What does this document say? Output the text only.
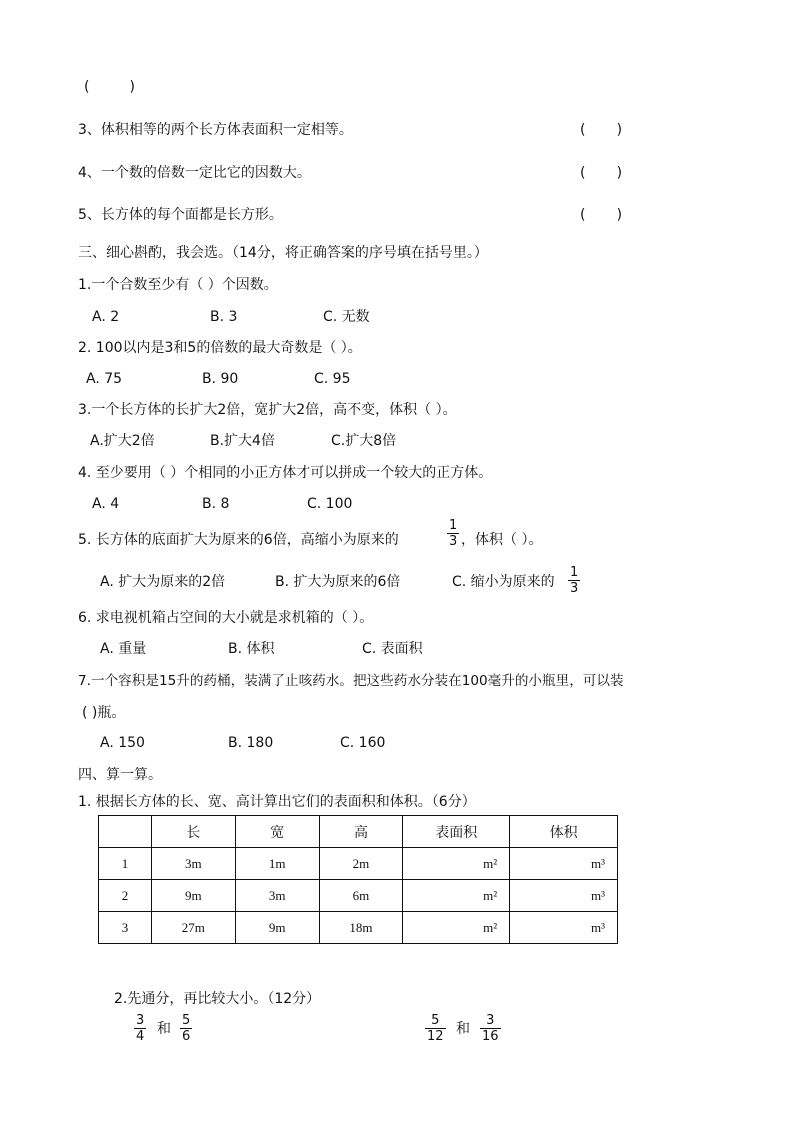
(         )
3、体积相等的两个长方体表面积一定相等。	(       )
4、一个数的倍数一定比它的因数大。	(       )
5、长方体的每个面都是长方形。	(       )
三、细心斟酌，我会选。（14分，将正确答案的序号填在括号里。）
1.一个合数至少有（ ）个因数。
A. 2	B. 3	C. 无数
2. 100以内是3和5的倍数的最大奇数是（ ）。
A. 75	B. 90	C. 95
3.一个长方体的长扩大2倍，宽扩大2倍，高不变，体积（ ）。
A.扩大2倍	B.扩大4倍	C.扩大8倍
4. 至少要用（ ）个相同的小正方体才可以拼成一个较大的正方体。
A. 4	B. 8	C. 100
5. 长方体的底面扩大为原来的6倍，高缩小为原来的	$\frac{1}{3}$ ，体积（ ）。
A. 扩大为原来的2倍	B. 扩大为原来的6倍	C. 缩小为原来的 $\frac{1}{3}$
6. 求电视机箱占空间的大小就是求机箱的（ ）。
A. 重量	B. 体积	C. 表面积
7.一个容积是15升的药桶，装满了止咳药水。把这些药水分装在100毫升的小瓶里，可以装
( )瓶。
A. 150	B. 180	C. 160
四、算一算。
1. 根据长方体的长、宽、高计算出它们的表面积和体积。（6分）
	长	宽	高	表面积	体积
1	3m	1m	2m	m²	m³
2	9m	3m	6m	m²	m³
3	27m	9m	18m	m²	m³
2.先通分，再比较大小。（12分）
$\frac{3}{4}$ 和 $\frac{5}{6}$	$\frac{5}{12}$ 和 $\frac{3}{16}$
